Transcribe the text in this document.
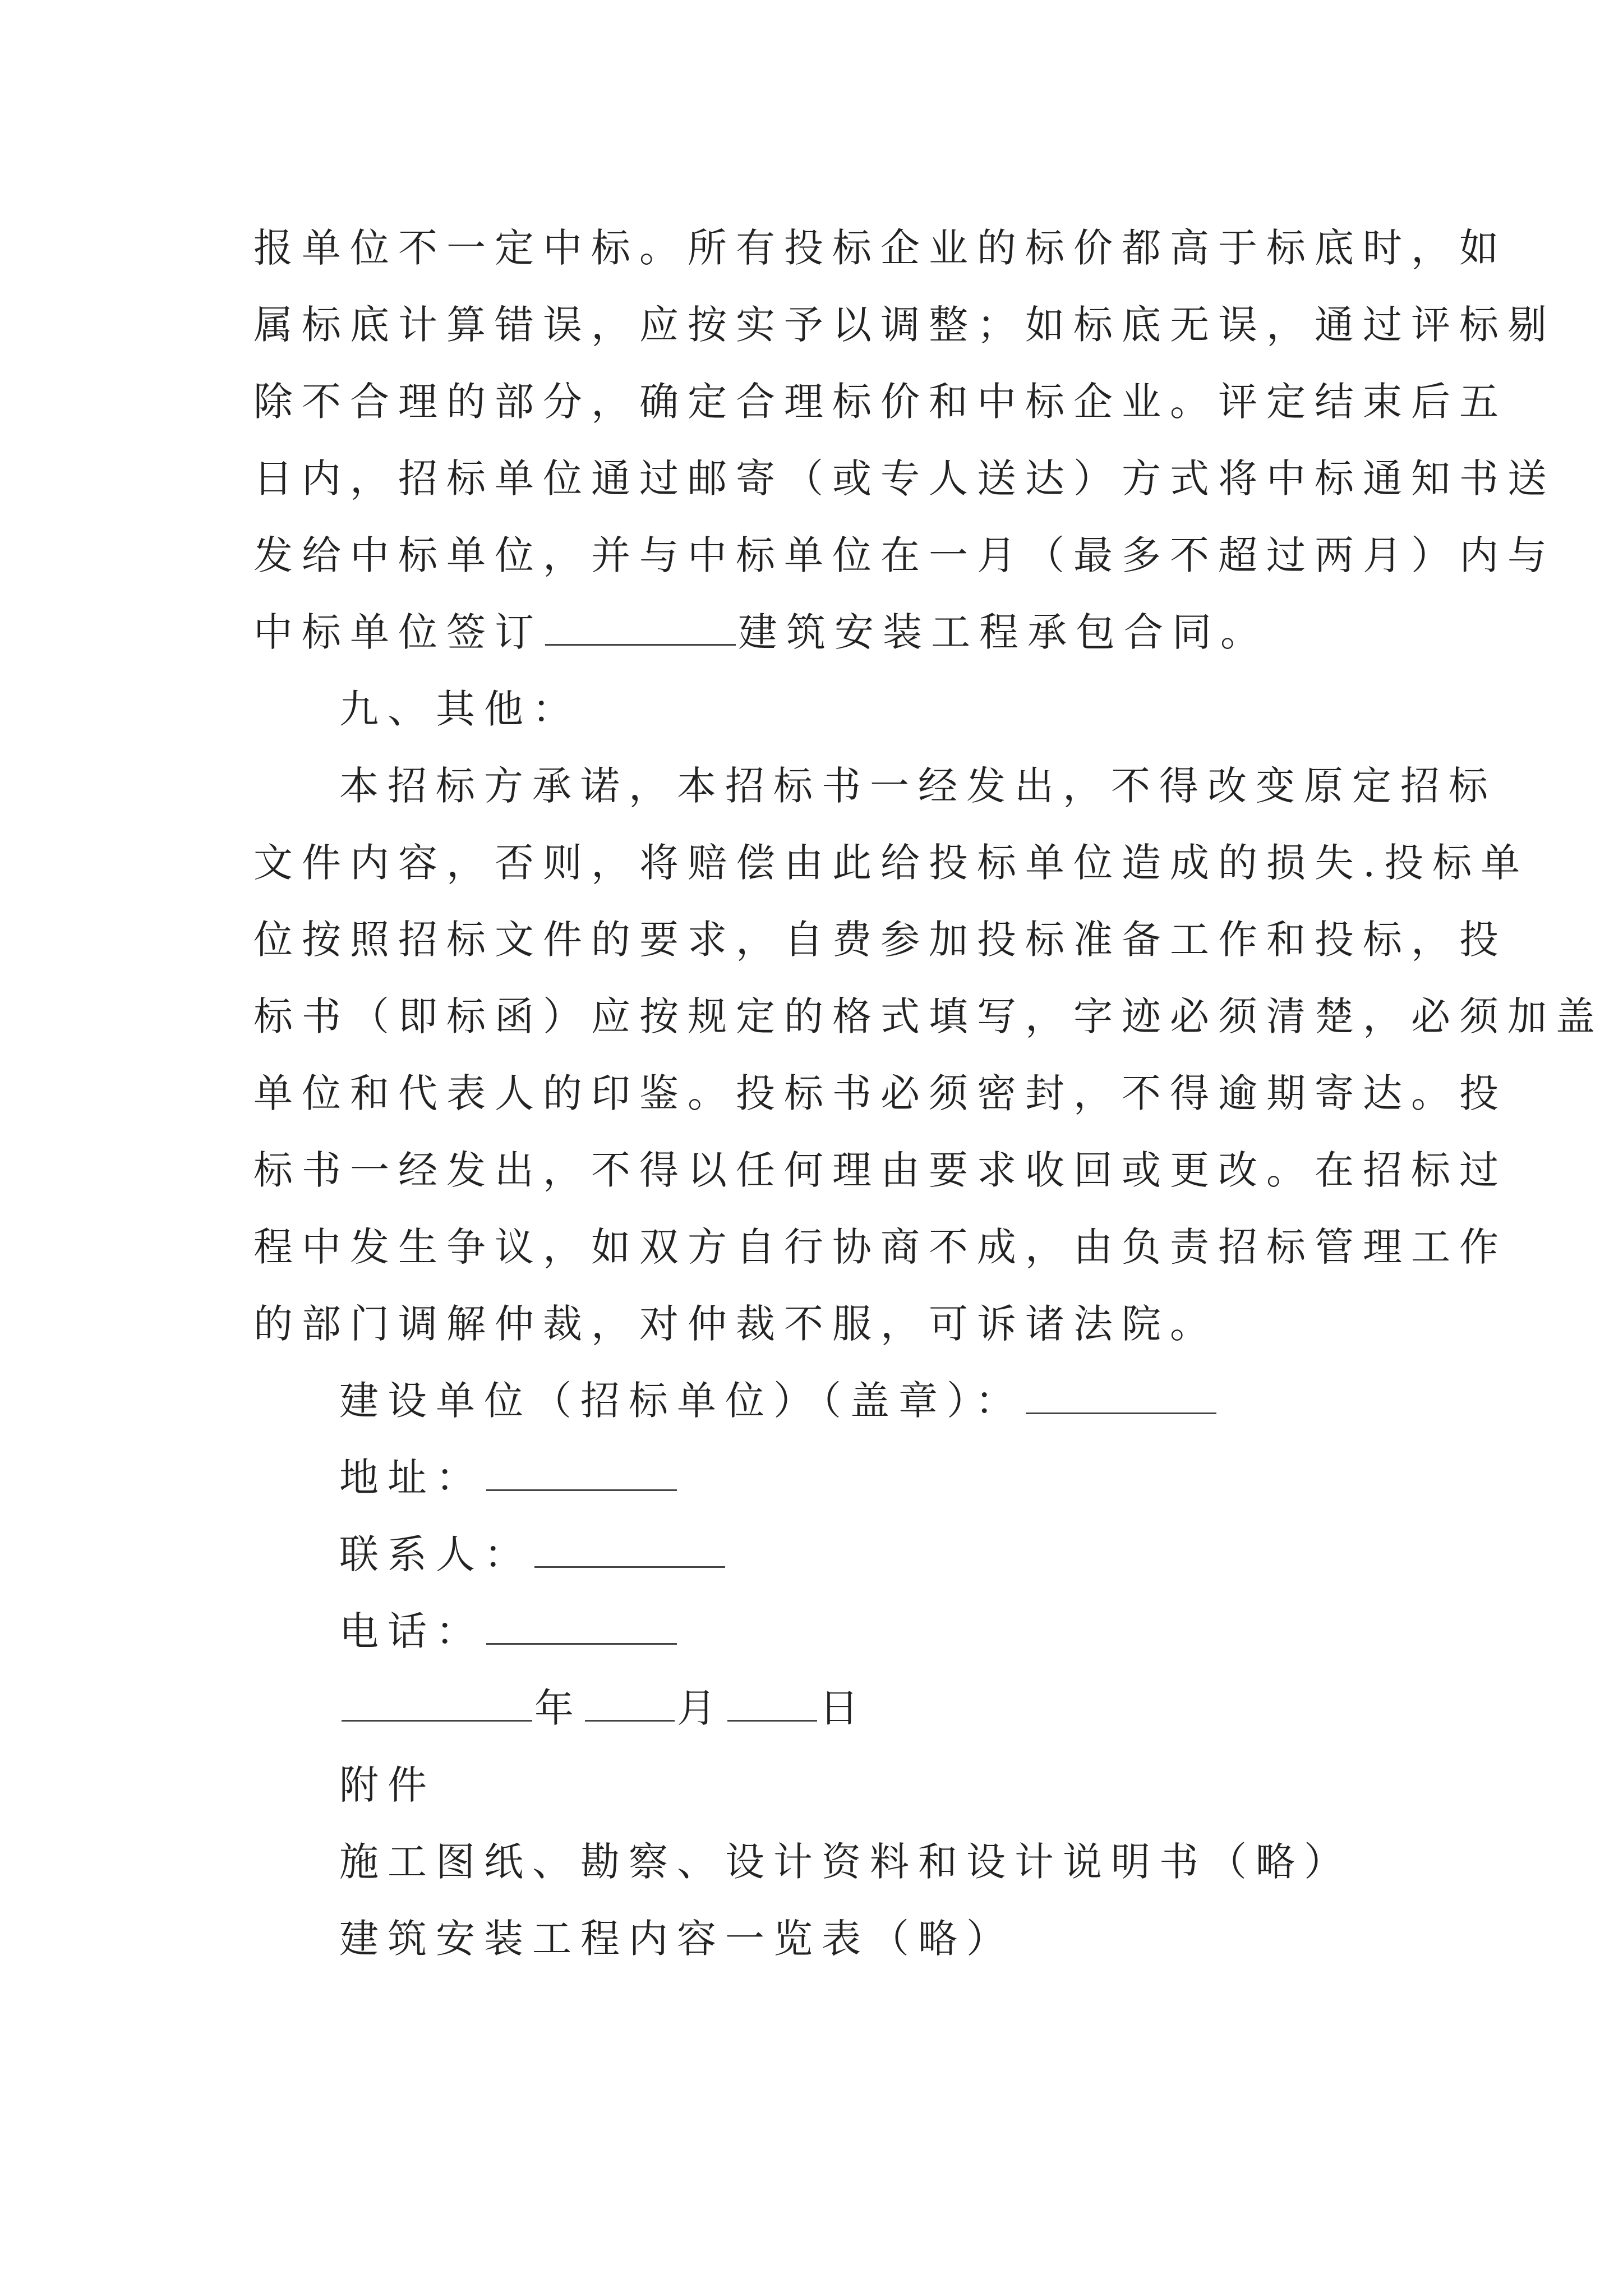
报单位不一定中标。所有投标企业的标价都高于标底时，如
属标底计算错误，应按实予以调整；如标底无误，通过评标剔
除不合理的部分，确定合理标价和中标企业。评定结束后五
日内，招标单位通过邮寄（或专人送达）方式将中标通知书送
发给中标单位，并与中标单位在一月（最多不超过两月）内与
中标单位签订	建筑安装工程承包合同。
九、其他：
本招标方承诺，本招标书一经发出，不得改变原定招标
文件内容，否则，将赔偿由此给投标单位造成的损失.投标单
位按照招标文件的要求，自费参加投标准备工作和投标，投
标书（即标函）应按规定的格式填写，字迹必须清楚，必须加盖
单位和代表人的印鉴。投标书必须密封，不得逾期寄达。投
标书一经发出，不得以任何理由要求收回或更改。在招标过
程中发生争议，如双方自行协商不成，由负责招标管理工作
的部门调解仲裁，对仲裁不服，可诉诸法院。
建设单位（招标单位）（盖章）：
地址：
联系人：
电话：
年 月 日
附件
施工图纸、勘察、设计资料和设计说明书（略）
建筑安装工程内容一览表（略）
